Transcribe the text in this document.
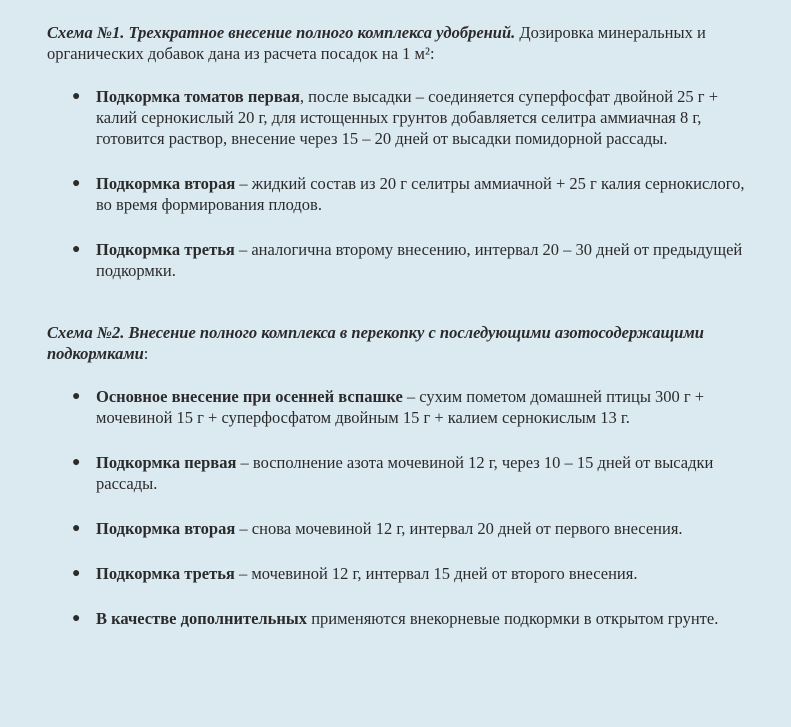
Схема №1. Трехкратное внесение полного комплекса удобрений. Дозировка минеральных и органических добавок дана из расчета посадок на 1 м²:

● Подкормка томатов первая, после высадки – соединяется суперфосфат двойной 25 г + калий сернокислый 20 г, для истощенных грунтов добавляется селитра аммиачная 8 г, готовится раствор, внесение через 15 – 20 дней от высадки помидорной рассады.
● Подкормка вторая – жидкий состав из 20 г селитры аммиачной + 25 г калия сернокислого, во время формирования плодов.
● Подкормка третья – аналогична второму внесению, интервал 20 – 30 дней от предыдущей подкормки.

Схема №2. Внесение полного комплекса в перекопку с последующими азотосодержащими подкормками:

● Основное внесение при осенней вспашке – сухим пометом домашней птицы 300 г + мочевиной 15 г + суперфосфатом двойным 15 г + калием сернокислым 13 г.
● Подкормка первая – восполнение азота мочевиной 12 г, через 10 – 15 дней от высадки рассады.
● Подкормка вторая – снова мочевиной 12 г, интервал 20 дней от первого внесения.
● Подкормка третья – мочевиной 12 г, интервал 15 дней от второго внесения.
● В качестве дополнительных применяются внекорневые подкормки в открытом грунте.
